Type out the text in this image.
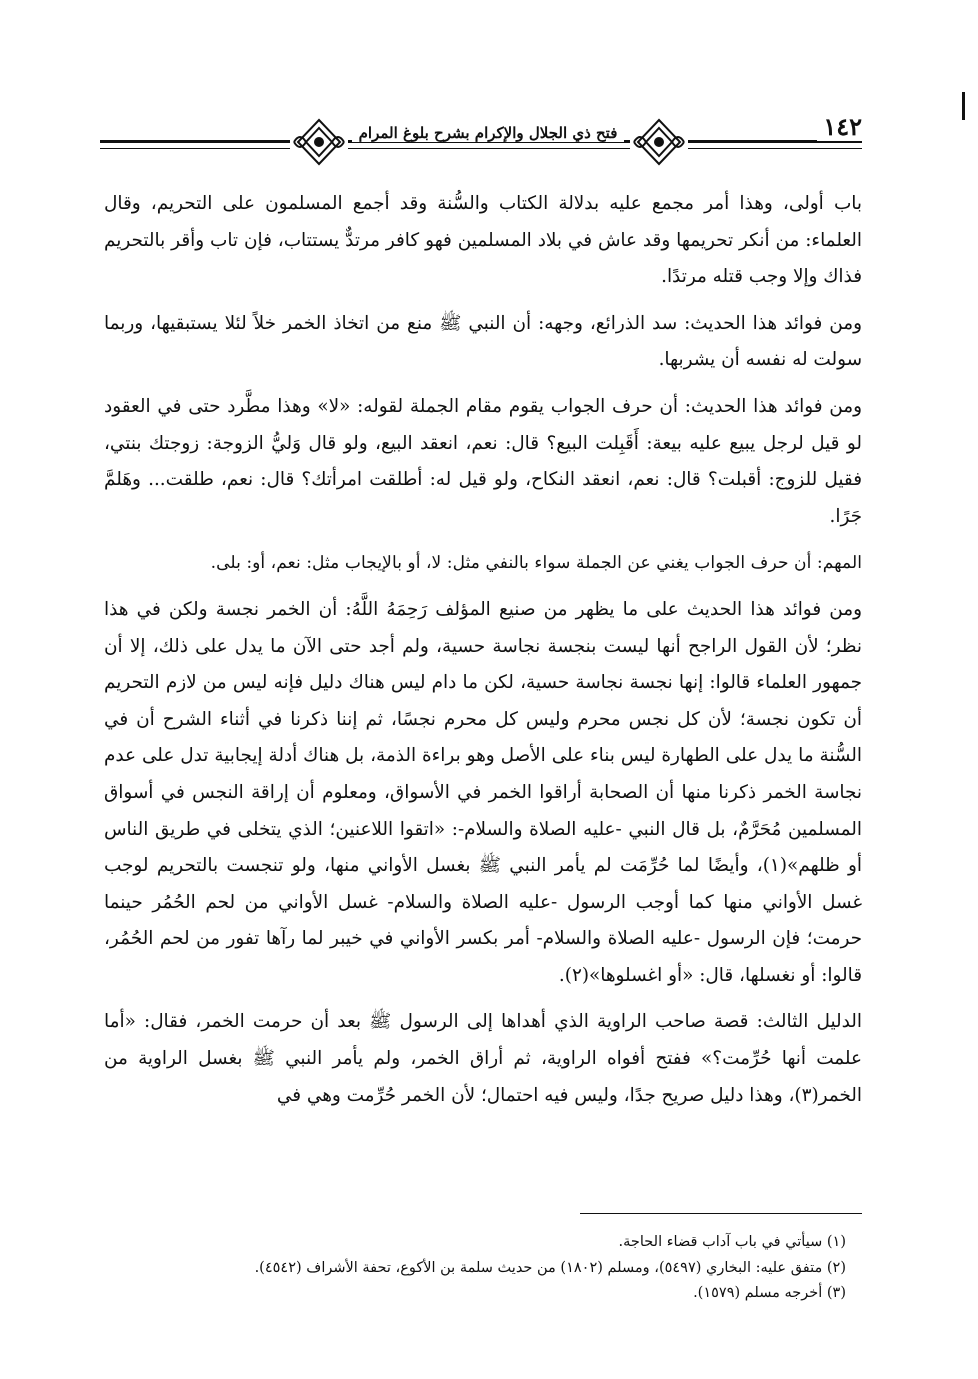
فتح ذي الجلال والإكرام بشرح بلوغ المرام	١٤٢

باب أولى، وهذا أمر مجمع عليه بدلالة الكتاب والسُّنة وقد أجمع المسلمون على التحريم، وقال العلماء: من أنكر تحريمها وقد عاش في بلاد المسلمين فهو كافر مرتدٌّ يستتاب، فإن تاب وأقر بالتحريم فذاك وإلا وجب قتله مرتدًا.

ومن فوائد هذا الحديث: سد الذرائع، وجهه: أن النبي ﷺ منع من اتخاذ الخمر خلاً لئلا يستبقيها، وربما سولت له نفسه أن يشربها.

ومن فوائد هذا الحديث: أن حرف الجواب يقوم مقام الجملة لقوله: «لا» وهذا مطَّرد حتى في العقود لو قيل لرجل يبيع عليه بيعة: أَقَبِلت البيع؟ قال: نعم، انعقد البيع، ولو قال وَليُّ الزوجة: زوجتك بنتي، فقيل للزوج: أقبلت؟ قال: نعم، انعقد النكاح، ولو قيل له: أطلقت امرأتك؟ قال: نعم، طلقت... وهَلمَّ جَرًا.

المهم: أن حرف الجواب يغني عن الجملة سواء بالنفي مثل: لا، أو بالإيجاب مثل: نعم، أو: بلى.

ومن فوائد هذا الحديث على ما يظهر من صنيع المؤلف رَحِمَهُ اللَّهُ: أن الخمر نجسة ولكن في هذا نظر؛ لأن القول الراجح أنها ليست بنجسة نجاسة حسية، ولم أجد حتى الآن ما يدل على ذلك، إلا أن جمهور العلماء قالوا: إنها نجسة نجاسة حسية، لكن ما دام ليس هناك دليل فإنه ليس من لازم التحريم أن تكون نجسة؛ لأن كل نجس محرم وليس كل محرم نجسًا، ثم إننا ذكرنا في أثناء الشرح أن في السُّنة ما يدل على الطهارة ليس بناء على الأصل وهو براءة الذمة، بل هناك أدلة إيجابية تدل على عدم نجاسة الخمر ذكرنا منها أن الصحابة أراقوا الخمر في الأسواق، ومعلوم أن إراقة النجس في أسواق المسلمين مُحَرَّمٌ، بل قال النبي -عليه الصلاة والسلام-: «اتقوا اللاعنين؛ الذي يتخلى في طريق الناس أو ظلهم»(١)، وأيضًا لما حُرِّمَت لم يأمر النبي ﷺ بغسل الأواني منها، ولو تنجست بالتحريم لوجب غسل الأواني منها كما أوجب الرسول -عليه الصلاة والسلام- غسل الأواني من لحم الحُمُر حينما حرمت؛ فإن الرسول -عليه الصلاة والسلام- أمر بكسر الأواني في خيبر لما رآها تفور من لحم الحُمُر، قالوا: أو نغسلها، قال: «أو اغسلوها»(٢).

الدليل الثالث: قصة صاحب الراوية الذي أهداها إلى الرسول ﷺ بعد أن حرمت الخمر، فقال: «أما علمت أنها حُرِّمت؟» ففتح أفواه الراوية، ثم أراق الخمر، ولم يأمر النبي ﷺ بغسل الراوية من الخمر(٣)، وهذا دليل صريح جدًا، وليس فيه احتمال؛ لأن الخمر حُرِّمت وهي في

(١) سيأتي في باب آداب قضاء الحاجة.
(٢) متفق عليه: البخاري (٥٤٩٧)، ومسلم (١٨٠٢) من حديث سلمة بن الأكوع، تحفة الأشراف (٤٥٤٢).
(٣) أخرجه مسلم (١٥٧٩).
